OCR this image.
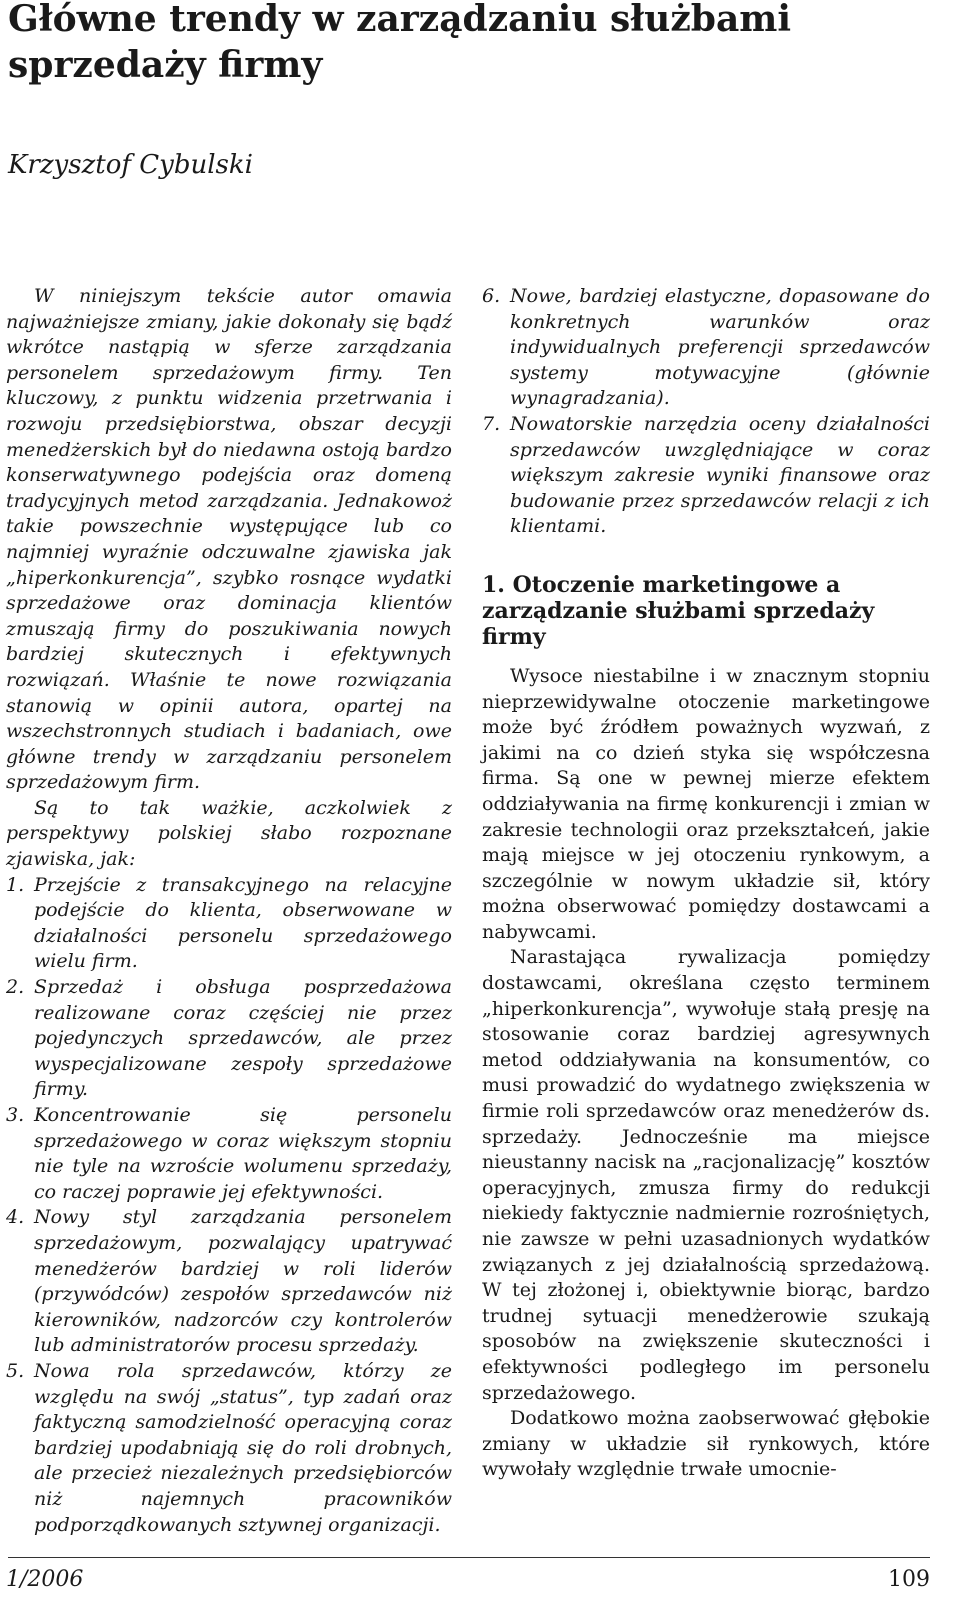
Główne trendy w zarządzaniu służbami sprzedaży firmy

Krzysztof Cybulski

W niniejszym tekście autor omawia najważniejsze zmiany, jakie dokonały się bądź wkrótce nastąpią w sferze zarządzania personelem sprzedażowym firmy. Ten kluczowy, z punktu widzenia przetrwania i rozwoju przedsiębiorstwa, obszar decyzji menedżerskich był do niedawna ostoją bardzo konserwatywnego podejścia oraz domeną tradycyjnych metod zarządzania. Jednakowoż takie powszechnie występujące lub co najmniej wyraźnie odczuwalne zjawiska jak „hiperkonkurencja”, szybko rosnące wydatki sprzedażowe oraz dominacja klientów zmuszają firmy do poszukiwania nowych bardziej skutecznych i efektywnych rozwiązań. Właśnie te nowe rozwiązania stanowią w opinii autora, opartej na wszechstronnych studiach i badaniach, owe główne trendy w zarządzaniu personelem sprzedażowym firm.

Są to tak ważkie, aczkolwiek z perspektywy polskiej słabo rozpoznane zjawiska, jak:

1. Przejście z transakcyjnego na relacyjne podejście do klienta, obserwowane w działalności personelu sprzedażowego wielu firm.
2. Sprzedaż i obsługa posprzedażowa realizowane coraz częściej nie przez pojedynczych sprzedawców, ale przez wyspecjalizowane zespoły sprzedażowe firmy.
3. Koncentrowanie się personelu sprzedażowego w coraz większym stopniu nie tyle na wzroście wolumenu sprzedaży, co raczej poprawie jej efektywności.
4. Nowy styl zarządzania personelem sprzedażowym, pozwalający upatrywać menedżerów bardziej w roli liderów (przywódców) zespołów sprzedawców niż kierowników, nadzorców czy kontrolerów lub administratorów procesu sprzedaży.
5. Nowa rola sprzedawców, którzy ze względu na swój „status”, typ zadań oraz faktyczną samodzielność operacyjną coraz bardziej upodabniają się do roli drobnych, ale przecież niezależnych przedsiębiorców niż najemnych pracowników podporządkowanych sztywnej organizacji.
6. Nowe, bardziej elastyczne, dopasowane do konkretnych warunków oraz indywidualnych preferencji sprzedawców systemy motywacyjne (głównie wynagradzania).
7. Nowatorskie narzędzia oceny działalności sprzedawców uwzględniające w coraz większym zakresie wyniki finansowe oraz budowanie przez sprzedawców relacji z ich klientami.
1. Otoczenie marketingowe a zarządzanie służbami sprzedaży firmy

Wysoce niestabilne i w znacznym stopniu nieprzewidywalne otoczenie marketingowe może być źródłem poważnych wyzwań, z jakimi na co dzień styka się współczesna firma. Są one w pewnej mierze efektem oddziaływania na firmę konkurencji i zmian w zakresie technologii oraz przekształceń, jakie mają miejsce w jej otoczeniu rynkowym, a szczególnie w nowym układzie sił, który można obserwować pomiędzy dostawcami a nabywcami.

Narastająca rywalizacja pomiędzy dostawcami, określana często terminem „hiperkonkurencja”, wywołuje stałą presję na stosowanie coraz bardziej agresywnych metod oddziaływania na konsumentów, co musi prowadzić do wydatnego zwiększenia w firmie roli sprzedawców oraz menedżerów ds. sprzedaży. Jednocześnie ma miejsce nieustanny nacisk na „racjonalizację” kosztów operacyjnych, zmusza firmy do redukcji niekiedy faktycznie nadmiernie rozrośniętych, nie zawsze w pełni uzasadnionych wydatków związanych z jej działalnością sprzedażową. W tej złożonej i, obiektywnie biorąc, bardzo trudnej sytuacji menedżerowie szukają sposobów na zwiększenie skuteczności i efektywności podległego im personelu sprzedażowego.

Dodatkowo można zaobserwować głębokie zmiany w układzie sił rynkowych, które wywołały względnie trwałe umocnie-

1/2006	109
